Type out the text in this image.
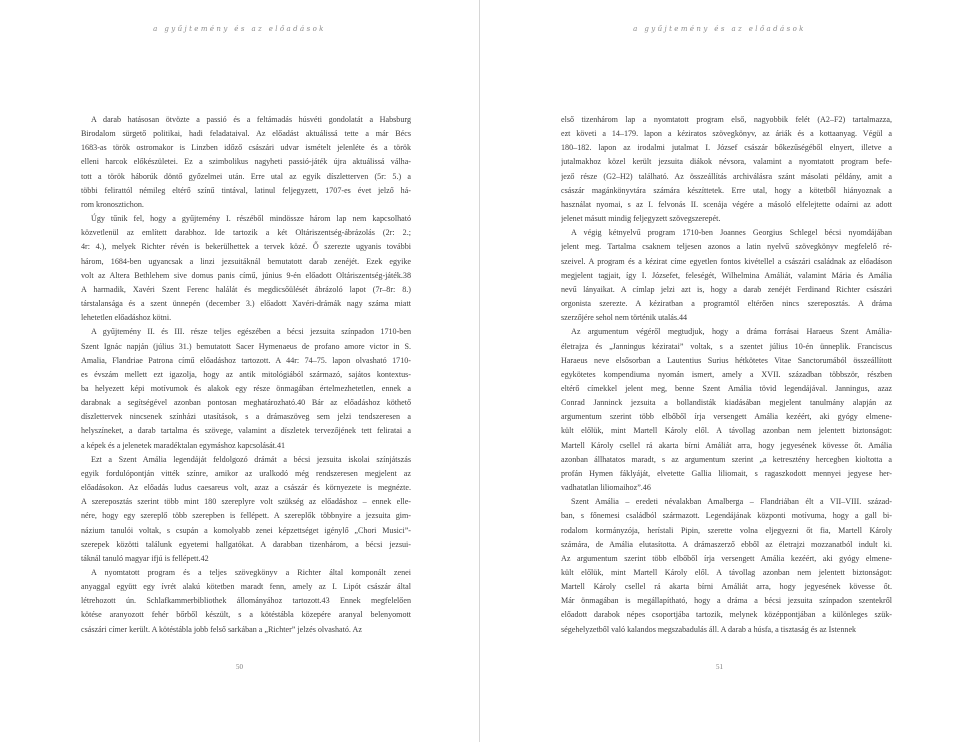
a gyűjtemény és az előadások
A darab hatásosan ötvözte a passió és a feltámadás húsvéti gondolatát a Habsburg
Birodalom sürgető politikai, hadi feladataival. Az előadást aktuálissá tette a már Bécs
1683-as török ostromakor is Linzben időző császári udvar ismételt jelenléte és a török
elleni harcok előkészületei. Ez a szimbolikus nagyheti passió-játék újra aktuálissá válha-
tott a török háborúk döntő győzelmei után. Erre utal az egyik díszletterven (5r: 5.) a
többi felirattól némileg eltérő színű tintával, latinul feljegyzett, 1707-es évet jelző há-
rom kronosztichon.
Úgy tűnik fel, hogy a gyűjtemény I. részéből mindössze három lap nem kapcsolható
közvetlenül az említett darabhoz. Ide tartozik a két Oltáriszentség-ábrázolás (2r: 2.;
4r: 4.), melyek Richter révén is bekerülhettek a tervek közé. Ő szerezte ugyanis további
három, 1684-ben ugyancsak a linzi jezsuitáknál bemutatott darab zenéjét. Ezek egyike
volt az Altera Bethlehem sive domus panis című, június 9-én előadott Oltáriszentség-játék.38
A harmadik, Xavéri Szent Ferenc halálát és megdicsőülését ábrázoló lapot (7r–8r: 8.)
társtalansága és a szent ünnepén (december 3.) előadott Xavéri-drámák nagy száma miatt
lehetetlen előadáshoz kötni.
A gyűjtemény II. és III. része teljes egészében a bécsi jezsuita színpadon 1710-ben
Szent Ignác napján (július 31.) bemutatott Sacer Hymenaeus de profano amore victor in S.
Amalia, Flandriae Patrona című előadáshoz tartozott. A 44r: 74–75. lapon olvasható 1710-
es évszám mellett ezt igazolja, hogy az antik mitológiából származó, sajátos kontextus-
ba helyezett képi motívumok és alakok egy része önmagában értelmezhetetlen, ennek a
darabnak a segítségével azonban pontosan meghatározható.40 Bár az előadáshoz köthető
díszlettervek nincsenek színházi utasítások, s a drámaszöveg sem jelzi tendszeresen a
helyszíneket, a darab tartalma és szövege, valamint a díszletek tervezőjének tett feliratai a
a képek és a jelenetek maradéktalan egymáshoz kapcsolását.41
Ezt a Szent Amália legendáját feldolgozó drámát a bécsi jezsuita iskolai színjátszás
egyik fordulópontján vitték színre, amikor az uralkodó még rendszeresen megjelent az
előadásokon. Az előadás ludus caesareus volt, azaz a császár és környezete is megnézte.
A szereposztás szerint több mint 180 szereplyre volt szükség az előadáshoz – ennek elle-
nére, hogy egy szereplő több szerepben is fellépett. A szereplők többnyire a jezsuita gim-
názium tanulói voltak, s csupán a komolyabb zenei képzettséget igénylő „Chori Musici”-
szerepek közötti találunk egyetemi hallgatókat. A darabban tizenhárom, a bécsi jezsui-
táknál tanuló magyar ifjú is fellépett.42
A nyomtatott program és a teljes szövegkönyv a Richter által komponált zenei
anyaggal együtt egy ívrét alakú kötetben maradt fenn, amely az I. Lipót császár által
létrehozott ún. Schlafkammerbibliothek állományához tartozott.43 Ennek megfelelően
kötése aranyozott fehér bőrből készült, s a kötéstábla közepére aranyal belenyomott
császári címer került. A kötéstábla jobb felső sarkában a „Richter” jelzés olvasható. Az
50
a gyűjtemény és az előadások
első tizenhárom lap a nyomtatott program első, nagyobbik felét (A2–F2) tartalmazza,
ezt követi a 14–179. lapon a kéziratos szövegkönyv, az áriák és a kottaanyag. Végül a
180–182. lapon az irodalmi jutalmat I. József császár bőkezűségéből elnyert, illetve a
jutalmakhoz közel került jezsuita diákok névsora, valamint a nyomtatott program befe-
jező része (G2–H2) található. Az összeállítás archiválásra szánt másolati példány, amit a
császár magánkönyvtára számára készíttetek. Erre utal, hogy a kötetből hiányoznak a
használat nyomai, s az I. felvonás II. scenája végére a másoló elfelejtette odaírni az adott
jelenet másutt mindig feljegyzett szövegszerepét.
A végig kétnyelvű program 1710-ben Joannes Georgius Schlegel bécsi nyomdájában
jelent meg. Tartalma csaknem teljesen azonos a latin nyelvű szövegkönyv megfelelő ré-
szeivel. A program és a kézirat címe egyetlen fontos kivétellel a császári családnak az előadáson
megjelent tagjait, így I. Józsefet, feleségét, Wilhelmina Amáliát, valamint Mária és Amália
nevű lányaikat. A címlap jelzi azt is, hogy a darab zenéjét Ferdinand Richter császári
orgonista szerezte. A kéziratban a programtól eltérően nincs szereposztás. A dráma
szerzőjére sehol nem történik utalás.44
Az argumentum végéről megtudjuk, hogy a dráma forrásai Haraeus Szent Amália-
életrajza és „Janningus kéziratai” voltak, s a szentet július 10-én ünneplik. Franciscus
Haraeus neve elsősorban a Lautentius Surius hétkötetes Vitae Sanctorumából összeállított
egykötetes kompendiuma nyomán ismert, amely a XVII. században többször, részben
eltérő címekkel jelent meg, benne Szent Amália tövid legendájával. Janningus, azaz
Conrad Janninck jezsuita a bollandisták kiadásában megjelent tanulmány alapján az
argumentum szerint több elbőből írja versengett Amália kezéért, aki gyógy elmene-
kült előlük, mint Martell Károly elől. A távollag azonban nem jelentett biztonságot:
Martell Károly csellel rá akarta bírni Amáliát arra, hogy jegyesének kövesse őt. Amália
azonban állhatatos maradt, s az argumentum szerint „a ketresztény hercegben kioltotta a
profán Hymen fáklyáját, elvetette Gallia liliomait, s ragaszkodott mennyei jegyese her-
vadhatatlan liliomaihoz”.46
Szent Amália – eredeti névalakban Amalberga – Flandriában élt a VII–VIII. század-
ban, s főnemesi családból származott. Legendájának központi motívuma, hogy a gall bi-
rodalom kormányzója, herístali Pipin, szerette volna eljegyezni őt fia, Martell Károly
számára, de Amália elutasította. A drámaszerző ebből az életrajzi mozzanatból indult ki.
Az argumentum szerint több elbőből írja versengett Amália kezéért, aki gyógy elmene-
kült előlük, mint Martell Károly elől. A távollag azonban nem jelentett biztonságot:
Martell Károly csellel rá akarta bírni Amáliát arra, hogy jegyesének kövesse őt.
Már önmagában is megállapítható, hogy a dráma a bécsi jezsuita színpadon szentekről
előadott darabok népes csoportjába tartozik, melynek középpontjában a különleges szük-
ségehelyzetből való kalandos megszabadulás áll. A darab a húsfa, a tisztaság és az Istennek
51
